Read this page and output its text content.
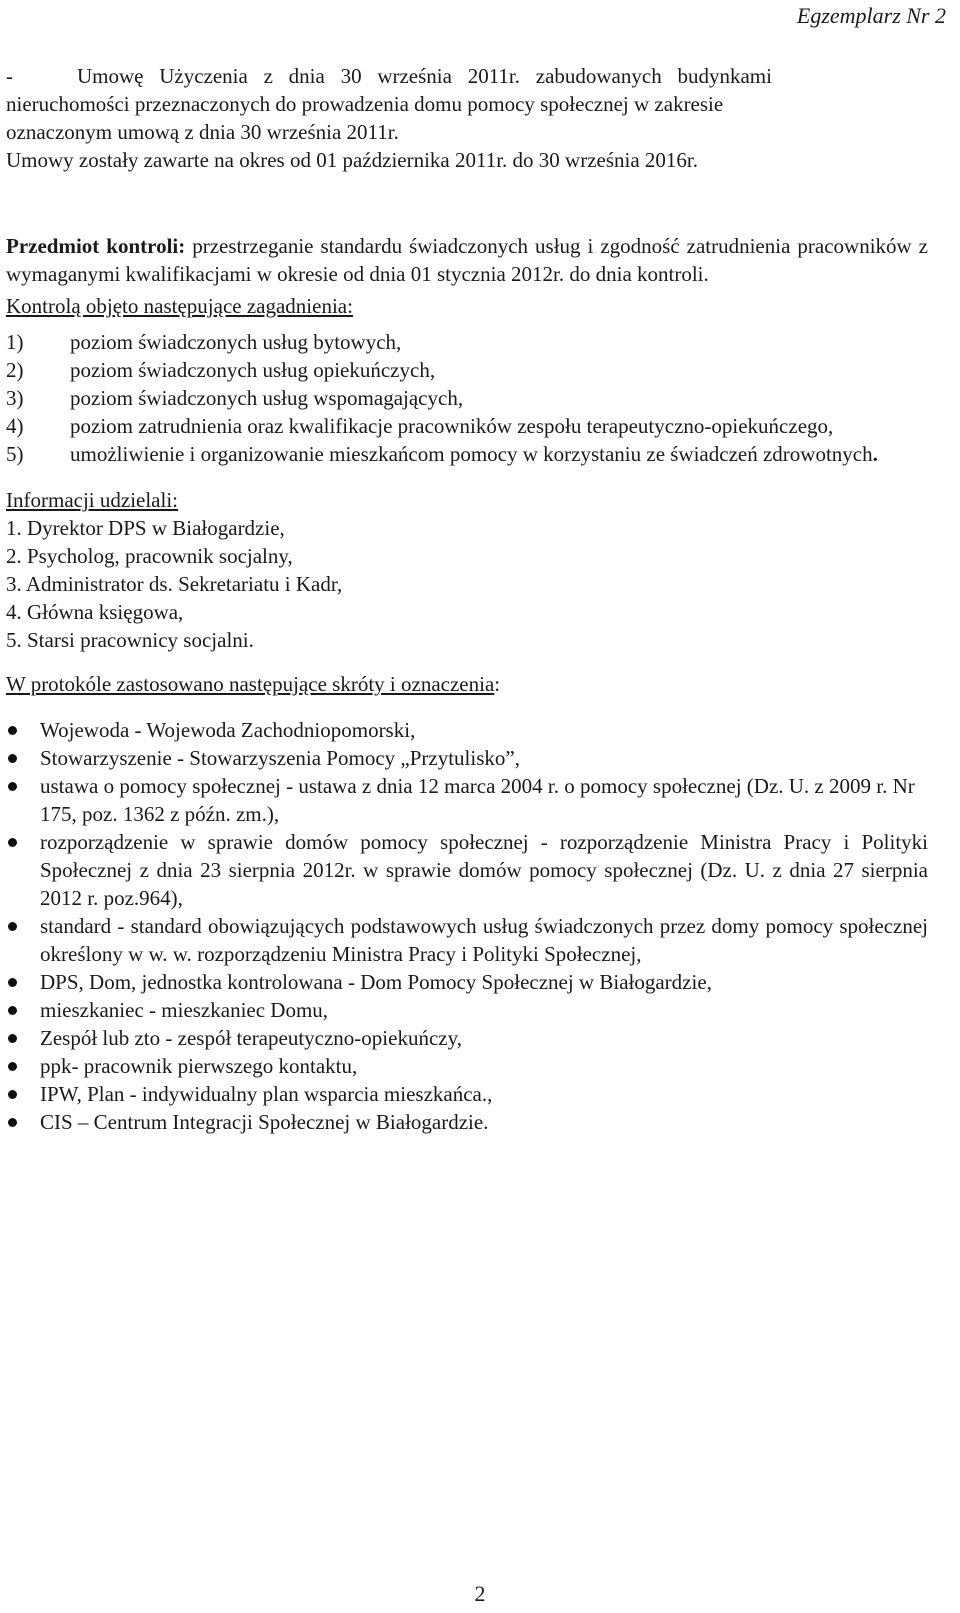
Egzemplarz Nr 2
-	Umowę   Użyczenia   z   dnia   30   września   2011r.   zabudowanych   budynkami
nieruchomości przeznaczonych do prowadzenia domu pomocy społecznej w zakresie
oznaczonym umową z dnia 30 września 2011r.
Umowy zostały zawarte na okres od 01 października 2011r. do 30 września 2016r.
Przedmiot kontroli: przestrzeganie standardu świadczonych usług i zgodność zatrudnienia pracowników z wymaganymi kwalifikacjami w okresie od dnia 01 stycznia 2012r. do dnia kontroli.
Kontrolą objęto następujące zagadnienia:
1) poziom świadczonych usług bytowych,
2) poziom świadczonych usług opiekuńczych,
3) poziom świadczonych usług wspomagających,
4) poziom zatrudnienia oraz kwalifikacje pracowników zespołu terapeutyczno-opiekuńczego,
5) umożliwienie i organizowanie mieszkańcom pomocy w korzystaniu ze świadczeń zdrowotnych.
Informacji udzielali:
1. Dyrektor DPS w Białogardzie,
2. Psycholog, pracownik socjalny,
3. Administrator ds. Sekretariatu i Kadr,
4. Główna księgowa,
5. Starsi pracownicy socjalni.
W protokóle zastosowano następujące skróty i oznaczenia:
Wojewoda - Wojewoda Zachodniopomorski,
Stowarzyszenie - Stowarzyszenia Pomocy „Przytulisko”,
ustawa o pomocy społecznej - ustawa z dnia 12 marca 2004 r. o pomocy społecznej (Dz. U. z 2009 r. Nr 175, poz. 1362 z późn. zm.),
rozporządzenie w sprawie domów pomocy społecznej - rozporządzenie Ministra Pracy i Polityki Społecznej z dnia 23 sierpnia 2012r. w sprawie domów pomocy społecznej (Dz. U. z dnia 27 sierpnia 2012 r. poz.964),
standard - standard obowiązujących podstawowych usług świadczonych przez domy pomocy społecznej określony w w. w. rozporządzeniu Ministra Pracy i Polityki Społecznej,
DPS, Dom, jednostka kontrolowana - Dom Pomocy Społecznej w Białogardzie,
mieszkaniec - mieszkaniec Domu,
Zespół lub zto - zespół terapeutyczno-opiekuńczy,
ppk- pracownik pierwszego kontaktu,
IPW, Plan - indywidualny plan wsparcia mieszkańca.,
CIS – Centrum Integracji Społecznej w Białogardzie.
2
